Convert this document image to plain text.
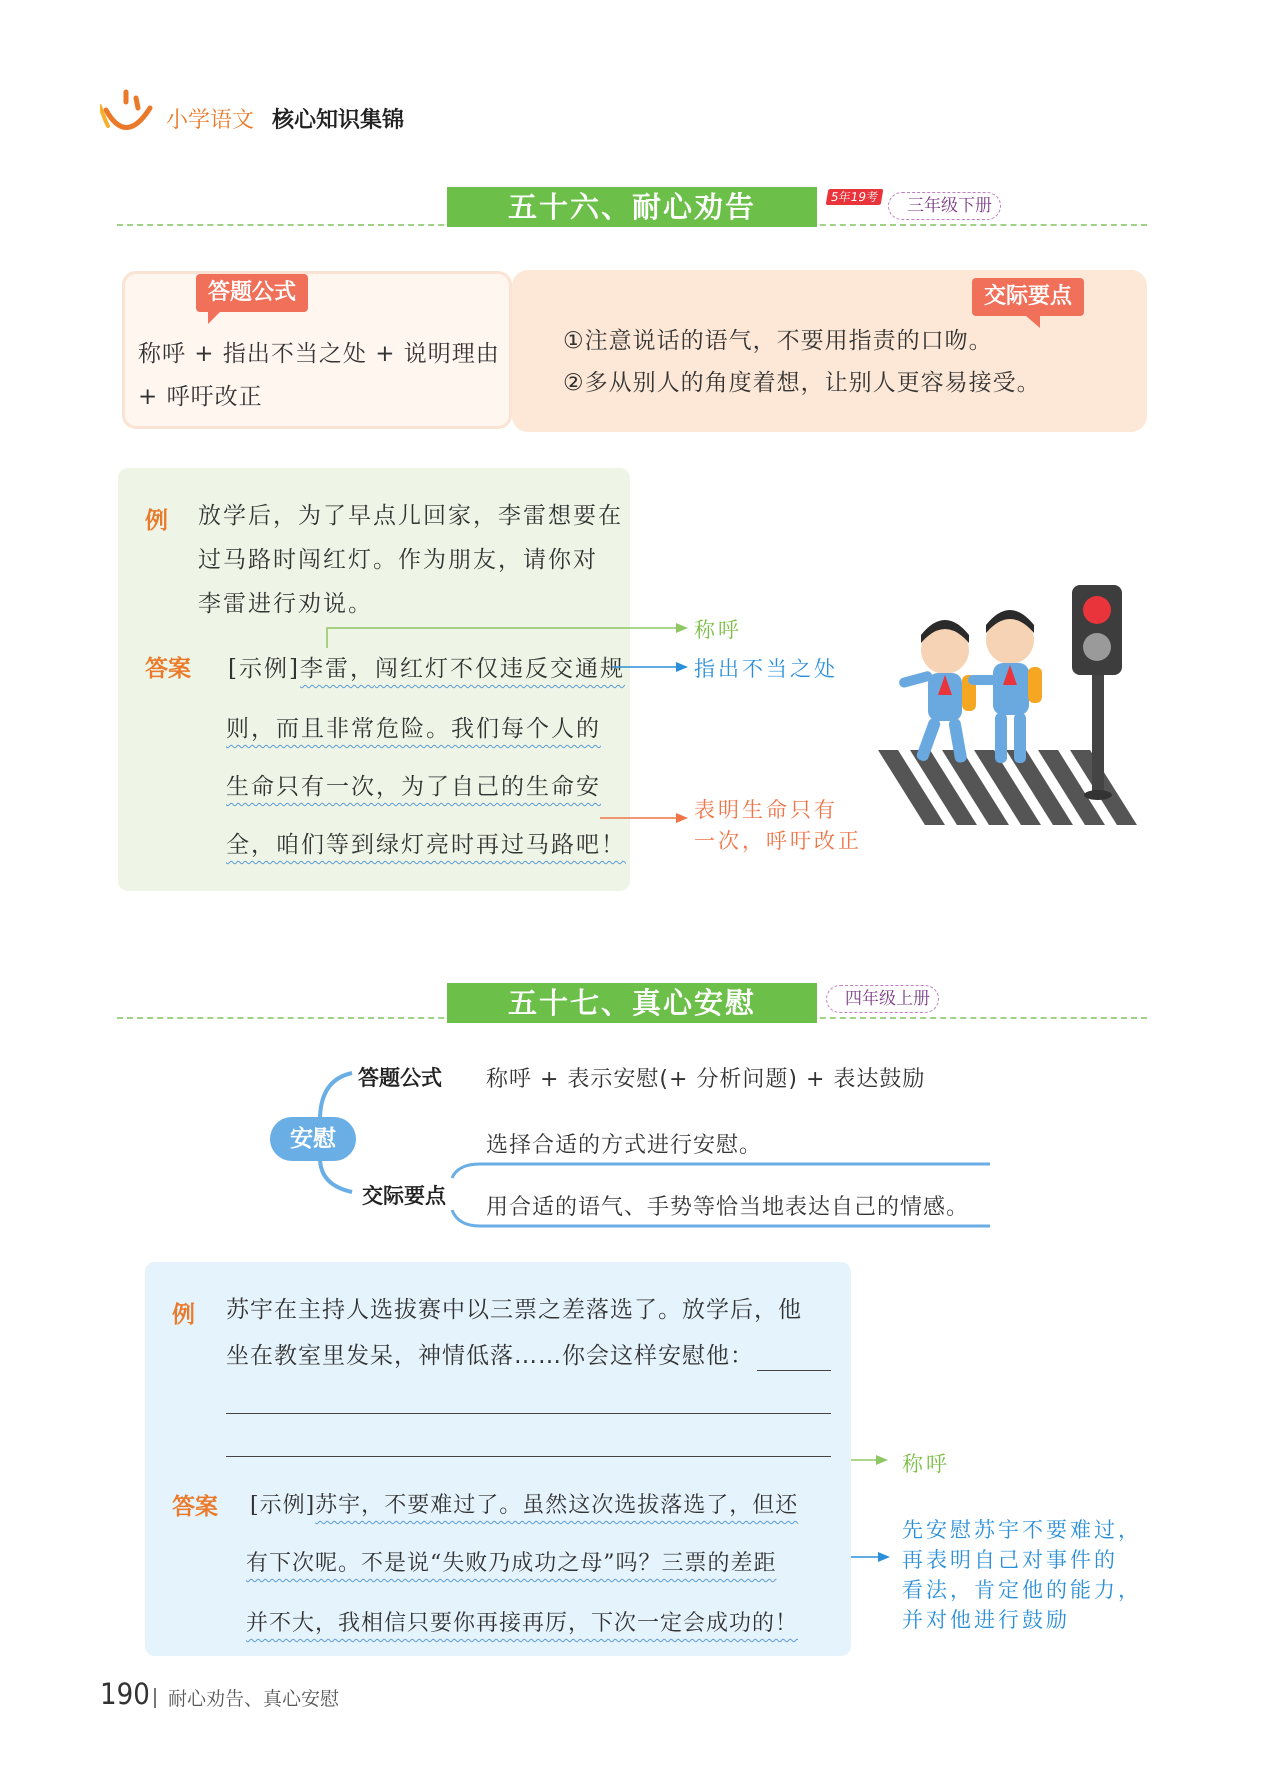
小学语文 核心知识集锦
五十六、耐心劝告	5年19考	三年级下册
答题公式	交际要点
称呼 + 指出不当之处 + 说明理由
+ 呼吁改正
①注意说话的语气，不要用指责的口吻。
②多从别人的角度着想，让别人更容易接受。
例 放学后，为了早点儿回家，李雷想要在
过马路时闯红灯。作为朋友，请你对
李雷进行劝说。
答案 [示例]李雷，闯红灯不仅违反交通规
则，而且非常危险。我们每个人的
生命只有一次，为了自己的生命安
全，咱们等到绿灯亮时再过马路吧！
称呼
指出不当之处
表明生命只有
一次，呼吁改正
五十七、真心安慰	四年级上册
安慰
答题公式 称呼 + 表示安慰(+ 分析问题) + 表达鼓励
交际要点
选择合适的方式进行安慰。
用合适的语气、手势等恰当地表达自己的情感。
例 苏宇在主持人选拔赛中以三票之差落选了。放学后，他
坐在教室里发呆，神情低落……你会这样安慰他：
答案 [示例]苏宇，不要难过了。虽然这次选拔落选了，但还
有下次呢。不是说“失败乃成功之母”吗？三票的差距
并不大，我相信只要你再接再厉，下次一定会成功的！
称呼
先安慰苏宇不要难过，
再表明自己对事件的
看法，肯定他的能力，
并对他进行鼓励
190 耐心劝告、真心安慰
